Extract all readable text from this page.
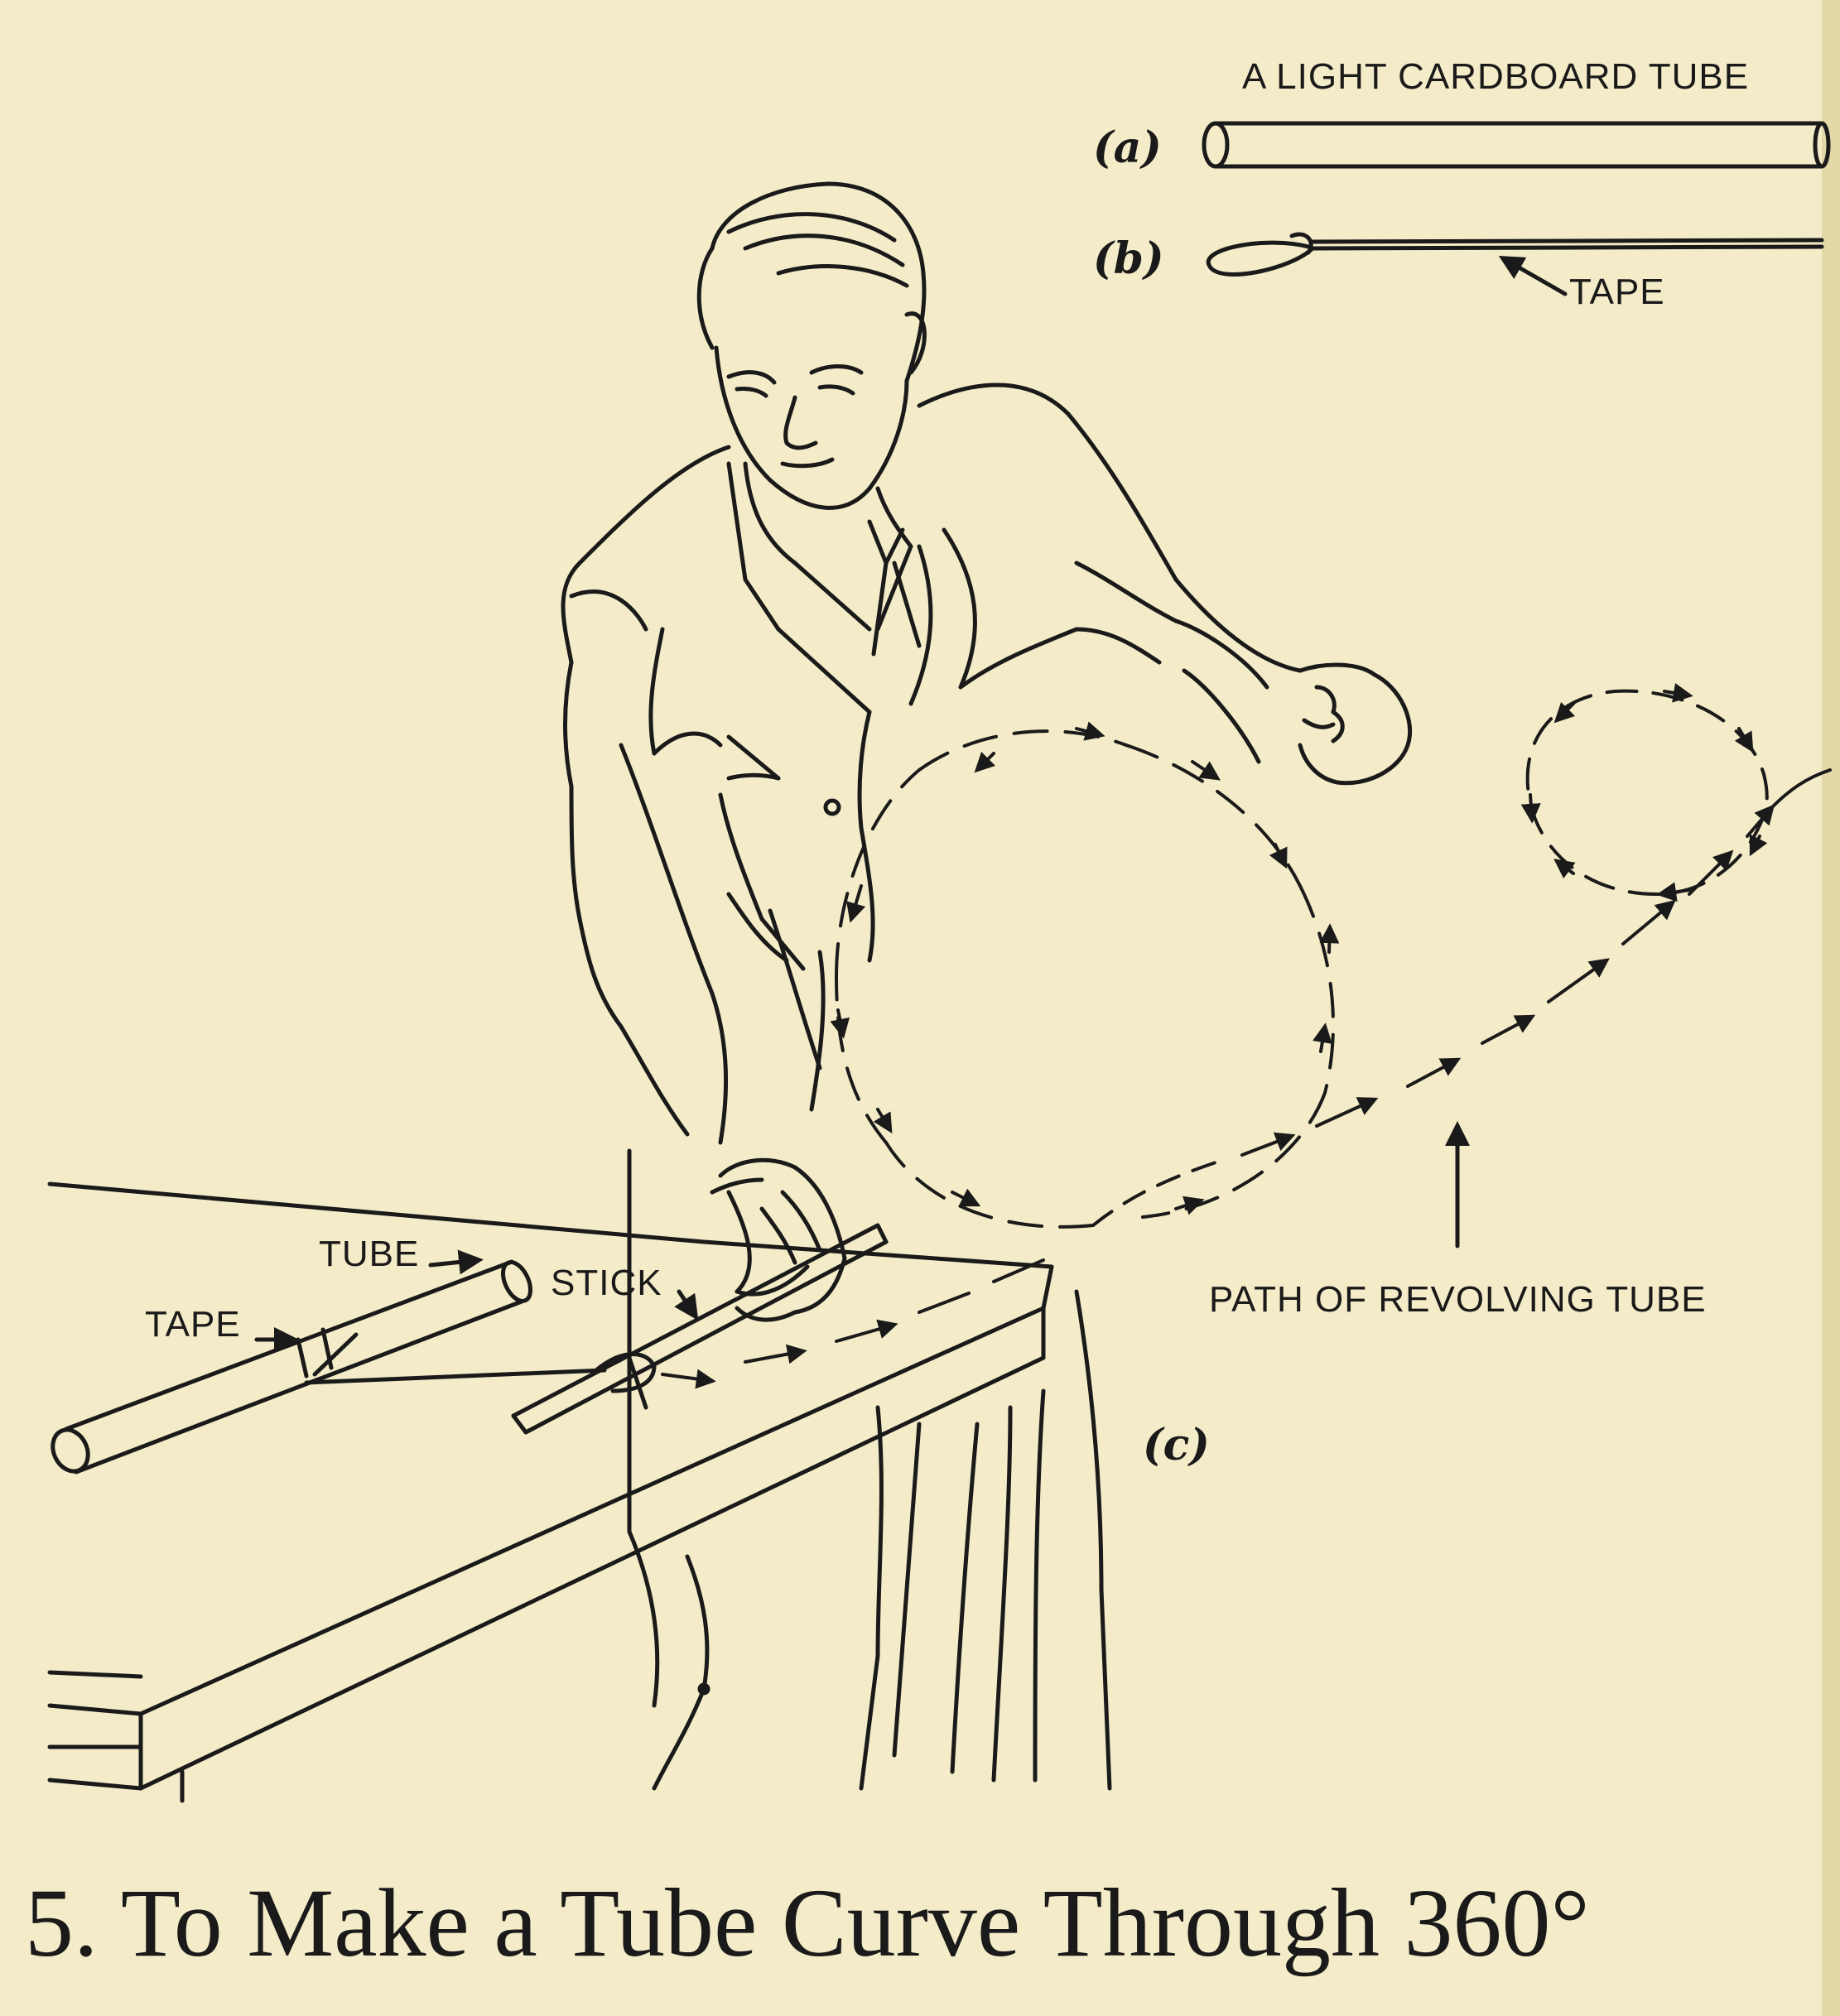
A LIGHT CARDBOARD TUBE
(a)
(b)
TAPE
TUBE
TAPE
STICK	PATH OF REVOLVING TUBE
(c)
5. To Make a Tube Curve Through 360°
